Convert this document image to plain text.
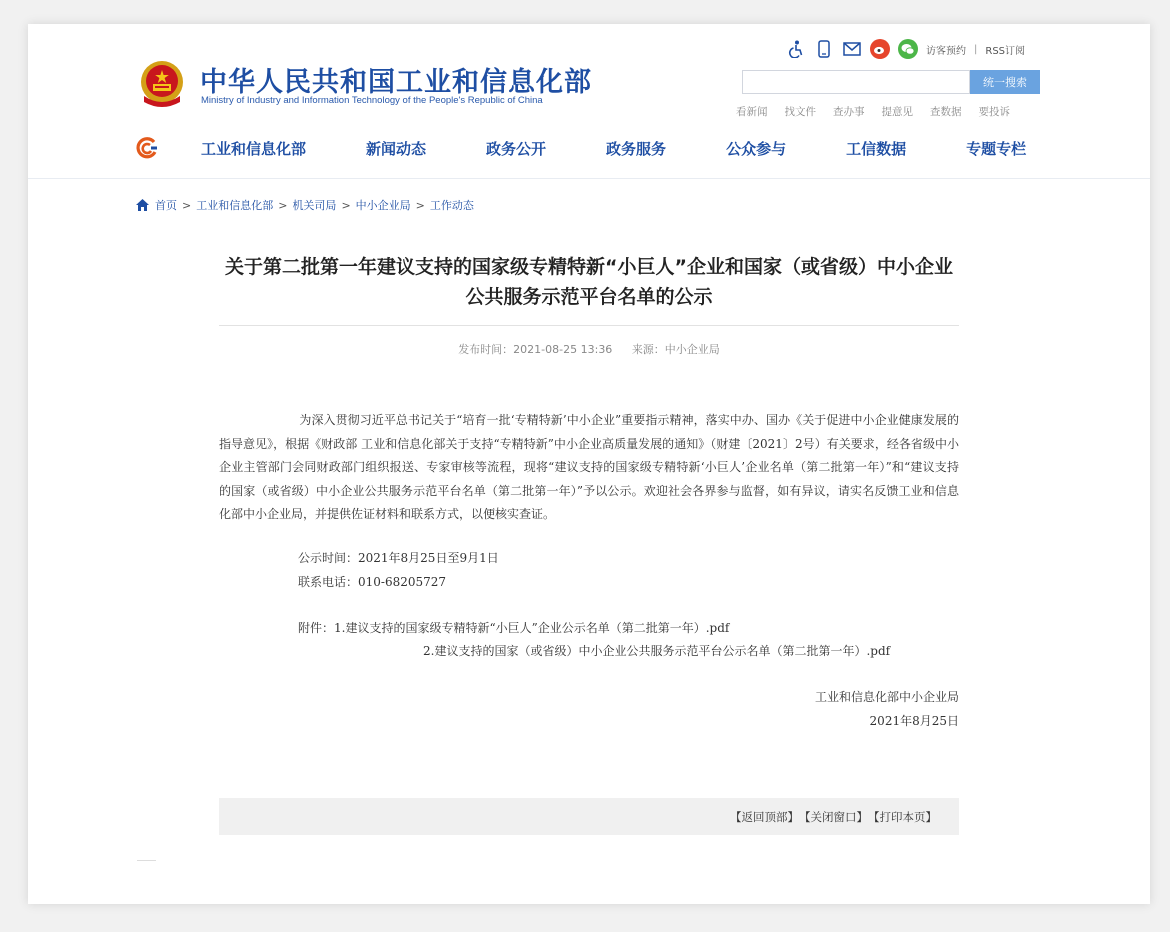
中华人民共和国工业和信息化部
Ministry of Industry and Information Technology of the People's Republic of China
访客预约 | RSS订阅
统一搜索
看新闻 找文件 查办事 提意见 查数据 要投诉
工业和信息化部	新闻动态	政务公开	政务服务	公众参与	工信数据	专题专栏
首页 > 工业和信息化部 > 机关司局 > 中小企业局 > 工作动态
关于第二批第一年建议支持的国家级专精特新“小巨人”企业和国家（或省级）中小企业公共服务示范平台名单的公示
发布时间：2021-08-25 13:36 来源：中小企业局

为深入贯彻习近平总书记关于“培育一批‘专精特新’中小企业”重要指示精神，落实中办、国办《关于促进中小企业健康发展的指导意见》，根据《财政部 工业和信息化部关于支持“专精特新”中小企业高质量发展的通知》（财建〔2021〕2号）有关要求，经各省级中小企业主管部门会同财政部门组织报送、专家审核等流程，现将“建议支持的国家级专精特新‘小巨人’企业名单（第二批第一年）”和“建议支持的国家（或省级）中小企业公共服务示范平台名单（第二批第一年）”予以公示。欢迎社会各界参与监督，如有异议，请实名反馈工业和信息化部中小企业局，并提供佐证材料和联系方式，以便核实查证。

公示时间：2021年8月25日至9月1日
联系电话：010-68205727
附件：1.建议支持的国家级专精特新“小巨人”企业公示名单（第二批第一年）.pdf
2.建议支持的国家（或省级）中小企业公共服务示范平台公示名单（第二批第一年）.pdf
工业和信息化部中小企业局
2021年8月25日
【返回顶部】 【关闭窗口】 【打印本页】
